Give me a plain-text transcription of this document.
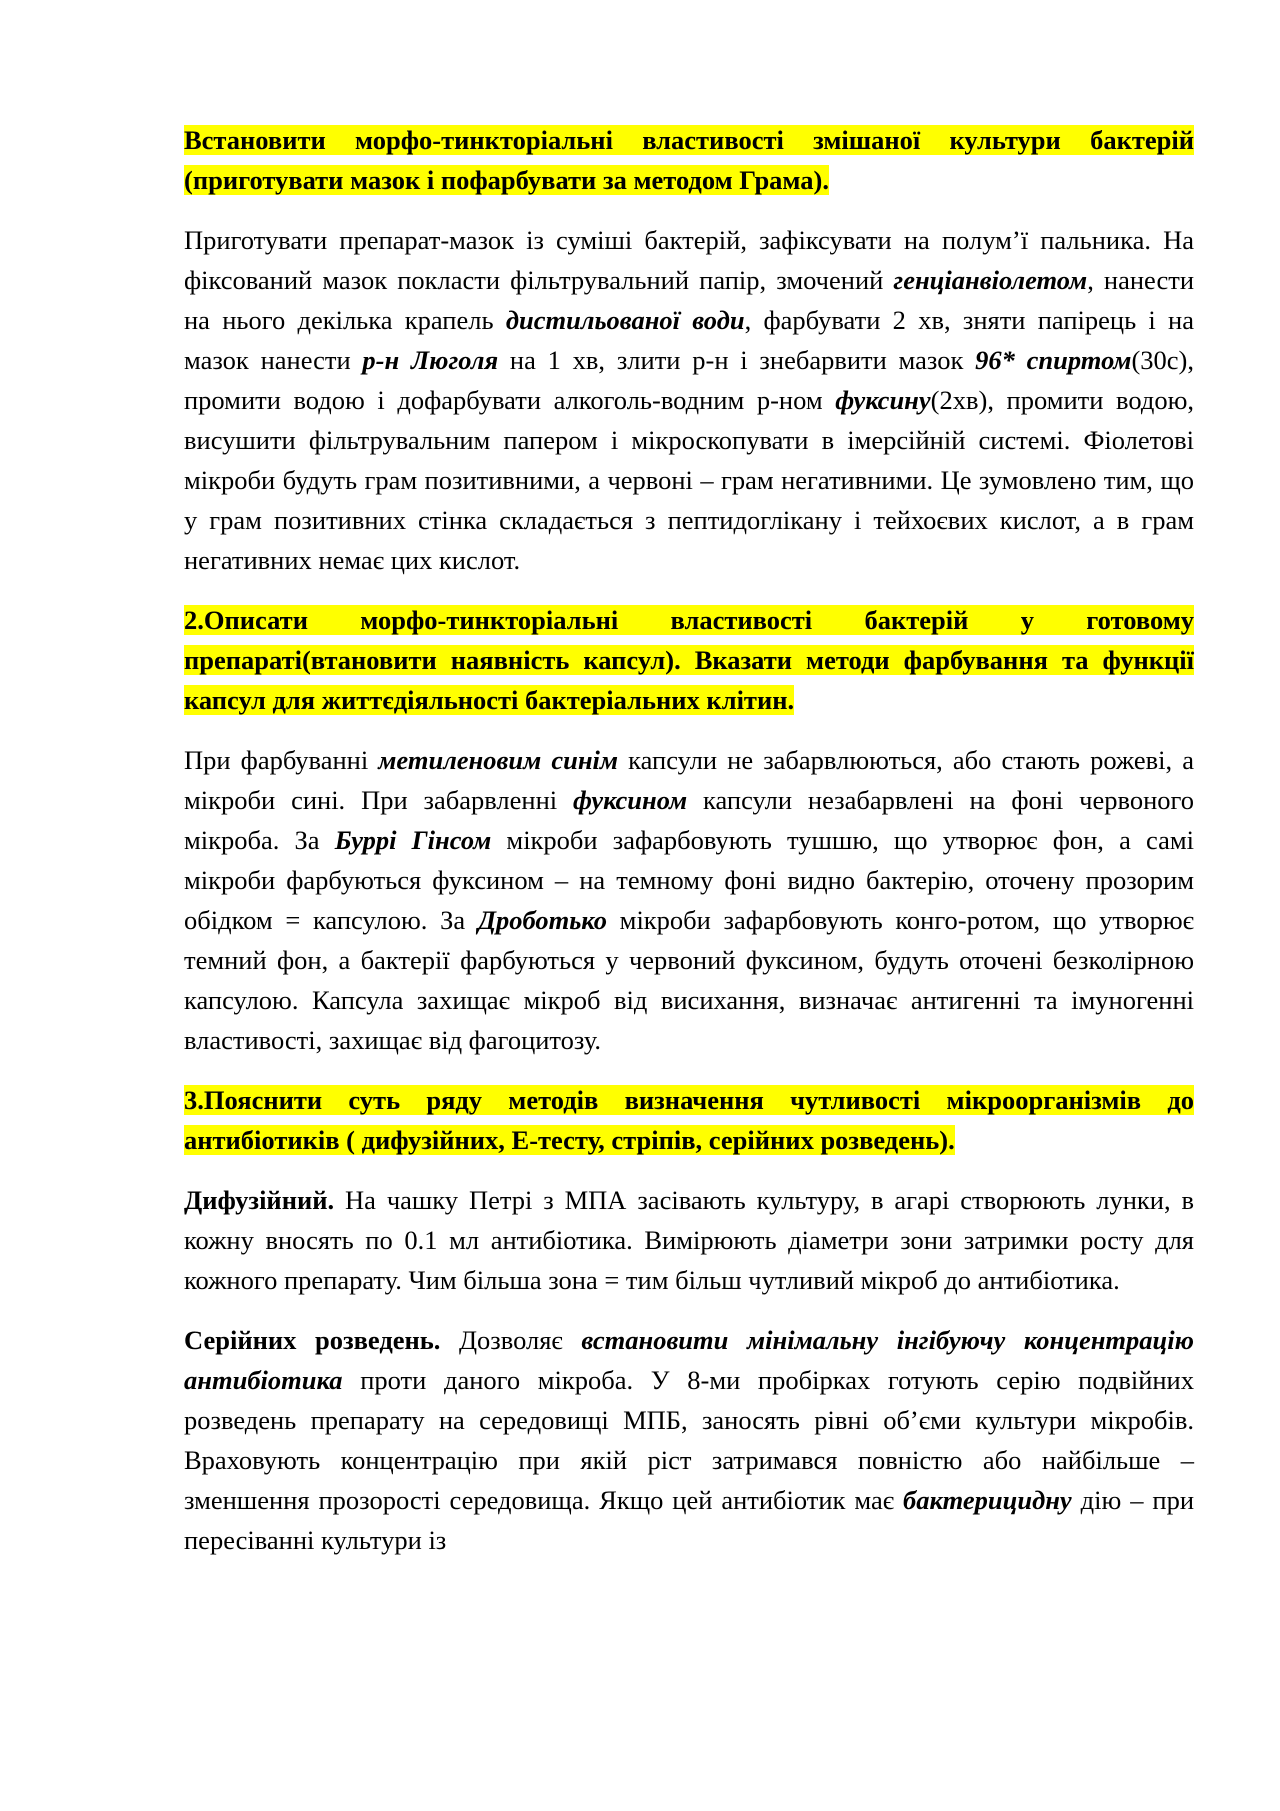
Встановити морфо-тинкторіальні властивості змішаної культури бактерій (приготувати мазок і пофарбувати за методом Грама).

Приготувати препарат-мазок із суміші бактерій, зафіксувати на полум’ї пальника. На фіксований мазок покласти фільтрувальний папір, змочений генціанвіолетом, нанести на нього декілька крапель дистильованої води, фарбувати 2 хв, зняти папірець і на мазок нанести р-н Люголя на 1 хв, злити р-н і знебарвити мазок 96* спиртом(30с), промити водою і дофарбувати алкоголь-водним р-ном фуксину(2хв), промити водою, висушити фільтрувальним папером і мікроскопувати в імерсійній системі. Фіолетові мікроби будуть грам позитивними, а червоні – грам негативними. Це зумовлено тим, що у грам позитивних стінка складається з пептидоглікану і тейхоєвих кислот, а в грам негативних немає цих кислот.

2.Описати морфо-тинкторіальні властивості бактерій у готовому препараті(втановити наявність капсул). Вказати методи фарбування та функції капсул для життєдіяльності бактеріальних клітин.

При фарбуванні метиленовим синім капсули не забарвлюються, або стають рожеві, а мікроби сині. При забарвленні фуксином капсули незабарвлені на фоні червоного мікроба. За Буррі Гінсом мікроби зафарбовують тушшю, що утворює фон, а самі мікроби фарбуються фуксином – на темному фоні видно бактерію, оточену прозорим обідком = капсулою. За Дроботько мікроби зафарбовують конго-ротом, що утворює темний фон, а бактерії фарбуються у червоний фуксином, будуть оточені безколірною капсулою. Капсула захищає мікроб від висихання, визначає антигенні та імуногенні властивості, захищає від фагоцитозу.

3.Пояснити суть ряду методів визначення чутливості мікроорганізмів до антибіотиків ( дифузійних, Е-тесту, стріпів, серійних розведень).

Дифузійний. На чашку Петрі з МПА засівають культуру, в агарі створюють лунки, в кожну вносять по 0.1 мл антибіотика. Вимірюють діаметри зони затримки росту для кожного препарату. Чим більша зона = тим більш чутливий мікроб до антибіотика.

Серійних розведень. Дозволяє встановити мінімальну інгібуючу концентрацію антибіотика проти даного мікроба. У 8-ми пробірках готують серію подвійних розведень препарату на середовищі МПБ, заносять рівні об’єми культури мікробів. Враховують концентрацію при якій ріст затримався повністю або найбільше – зменшення прозорості середовища. Якщо цей антибіотик має бактерицидну дію – при пересіванні культури із
